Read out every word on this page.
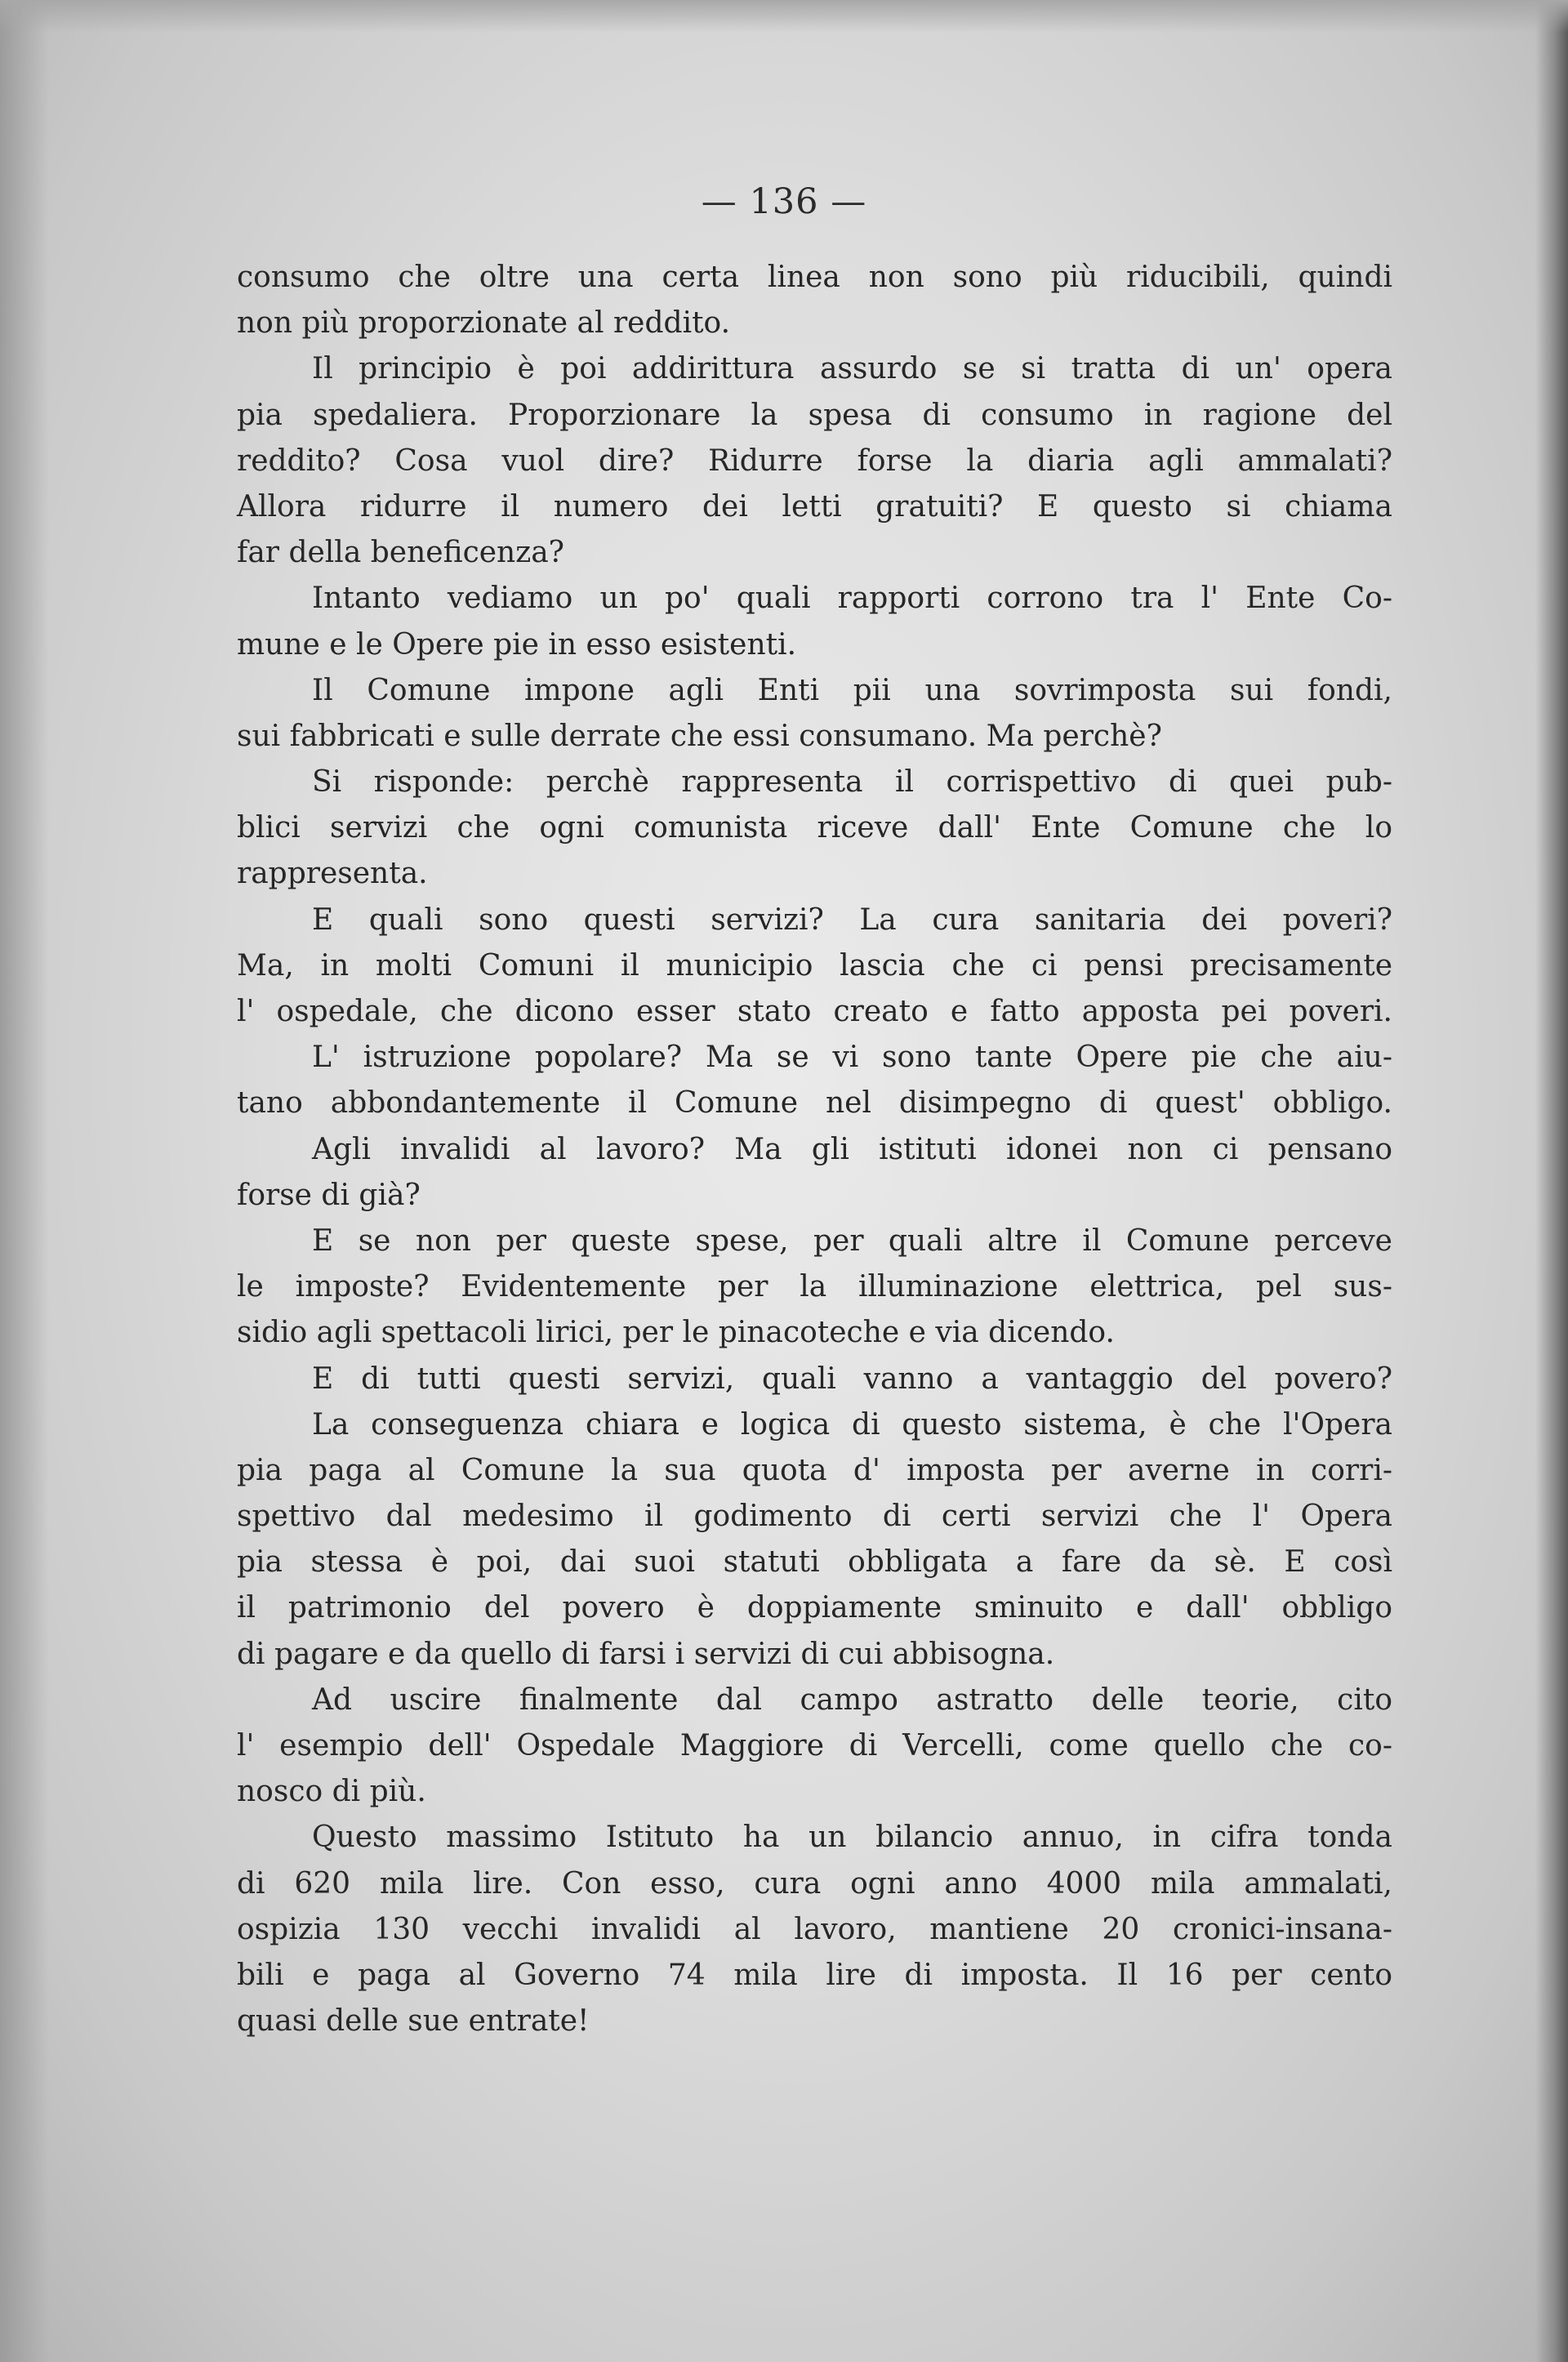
— 136 —
consumo che oltre una certa linea non sono più riducibili, quindi
non più proporzionate al reddito.
Il principio è poi addirittura assurdo se si tratta di un' opera
pia spedaliera. Proporzionare la spesa di consumo in ragione del
reddito? Cosa vuol dire? Ridurre forse la diaria agli ammalati?
Allora ridurre il numero dei letti gratuiti? E questo si chiama
far della beneficenza?
Intanto vediamo un po' quali rapporti corrono tra l' Ente Co-
mune e le Opere pie in esso esistenti.
Il Comune impone agli Enti pii una sovrimposta sui fondi,
sui fabbricati e sulle derrate che essi consumano. Ma perchè?
Si risponde: perchè rappresenta il corrispettivo di quei pub-
blici servizi che ogni comunista riceve dall' Ente Comune che lo
rappresenta.
E quali sono questi servizi? La cura sanitaria dei poveri?
Ma, in molti Comuni il municipio lascia che ci pensi precisamente
l' ospedale, che dicono esser stato creato e fatto apposta pei poveri.
L' istruzione popolare? Ma se vi sono tante Opere pie che aiu-
tano abbondantemente il Comune nel disimpegno di quest' obbligo.
Agli invalidi al lavoro? Ma gli istituti idonei non ci pensano
forse di già?
E se non per queste spese, per quali altre il Comune perceve
le imposte? Evidentemente per la illuminazione elettrica, pel sus-
sidio agli spettacoli lirici, per le pinacoteche e via dicendo.
E di tutti questi servizi, quali vanno a vantaggio del povero?
La conseguenza chiara e logica di questo sistema, è che l'Opera
pia paga al Comune la sua quota d' imposta per averne in corri-
spettivo dal medesimo il godimento di certi servizi che l' Opera
pia stessa è poi, dai suoi statuti obbligata a fare da sè. E così
il patrimonio del povero è doppiamente sminuito e dall' obbligo
di pagare e da quello di farsi i servizi di cui abbisogna.
Ad uscire finalmente dal campo astratto delle teorie, cito
l' esempio dell' Ospedale Maggiore di Vercelli, come quello che co-
nosco di più.
Questo massimo Istituto ha un bilancio annuo, in cifra tonda
di 620 mila lire. Con esso, cura ogni anno 4000 mila ammalati,
ospizia 130 vecchi invalidi al lavoro, mantiene 20 cronici-insana-
bili e paga al Governo 74 mila lire di imposta. Il 16 per cento
quasi delle sue entrate!
